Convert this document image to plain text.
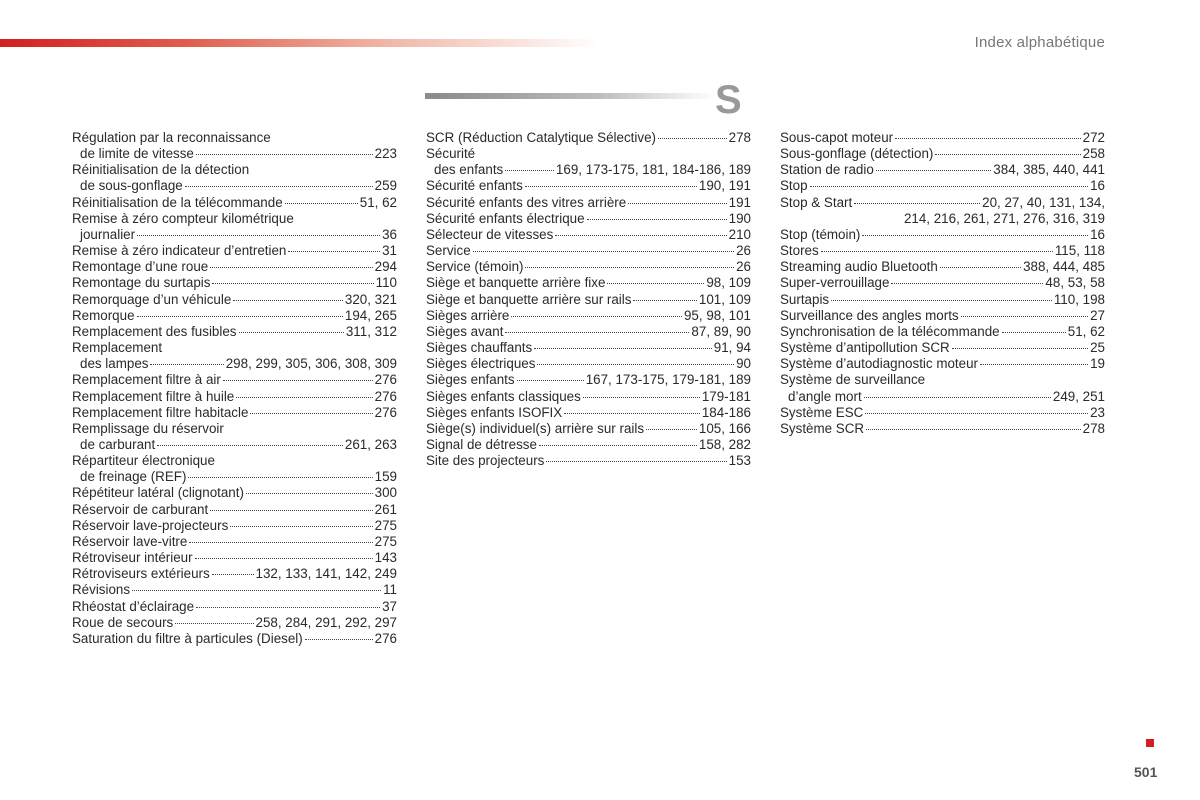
Index alphabétique
S
Régulation par la reconnaissance
de limite de vitesse	223
Réinitialisation de la détection
de sous-gonflage	259
Réinitialisation de la télécommande	51, 62
Remise à zéro compteur kilométrique
journalier	36
Remise à zéro indicateur d’entretien	31
Remontage d’une roue	294
Remontage du surtapis	110
Remorquage d’un véhicule	320, 321
Remorque	194, 265
Remplacement des fusibles	311, 312
Remplacement
des lampes	298, 299, 305, 306, 308, 309
Remplacement filtre à air	276
Remplacement filtre à huile	276
Remplacement filtre habitacle	276
Remplissage du réservoir
de carburant	261, 263
Répartiteur électronique
de freinage (REF)	159
Répétiteur latéral (clignotant)	300
Réservoir de carburant	261
Réservoir lave-projecteurs	275
Réservoir lave-vitre	275
Rétroviseur intérieur	143
Rétroviseurs extérieurs	132, 133, 141, 142, 249
Révisions	11
Rhéostat d’éclairage	37
Roue de secours	258, 284, 291, 292, 297
Saturation du filtre à particules (Diesel)	276
SCR (Réduction Catalytique Sélective)	278
Sécurité
des enfants	169, 173-175, 181, 184-186, 189
Sécurité enfants	190, 191
Sécurité enfants des vitres arrière	191
Sécurité enfants électrique	190
Sélecteur de vitesses	210
Service	26
Service (témoin)	26
Siège et banquette arrière fixe	98, 109
Siège et banquette arrière sur rails	101, 109
Sièges arrière	95, 98, 101
Sièges avant	87, 89, 90
Sièges chauffants	91, 94
Sièges électriques	90
Sièges enfants	167, 173-175, 179-181, 189
Sièges enfants classiques	179-181
Sièges enfants ISOFIX	184-186
Siège(s) individuel(s) arrière sur rails	105, 166
Signal de détresse	158, 282
Site des projecteurs	153
Sous-capot moteur	272
Sous-gonflage (détection)	258
Station de radio	384, 385, 440, 441
Stop	16
Stop & Start	20, 27, 40, 131, 134,
214, 216, 261, 271, 276, 316, 319
Stop (témoin)	16
Stores	115, 118
Streaming audio Bluetooth	388, 444, 485
Super-verrouillage	48, 53, 58
Surtapis	110, 198
Surveillance des angles morts	27
Synchronisation de la télécommande	51, 62
Système d’antipollution SCR	25
Système d’autodiagnostic moteur	19
Système de surveillance
d’angle mort	249, 251
Système ESC	23
Système SCR	278
501
